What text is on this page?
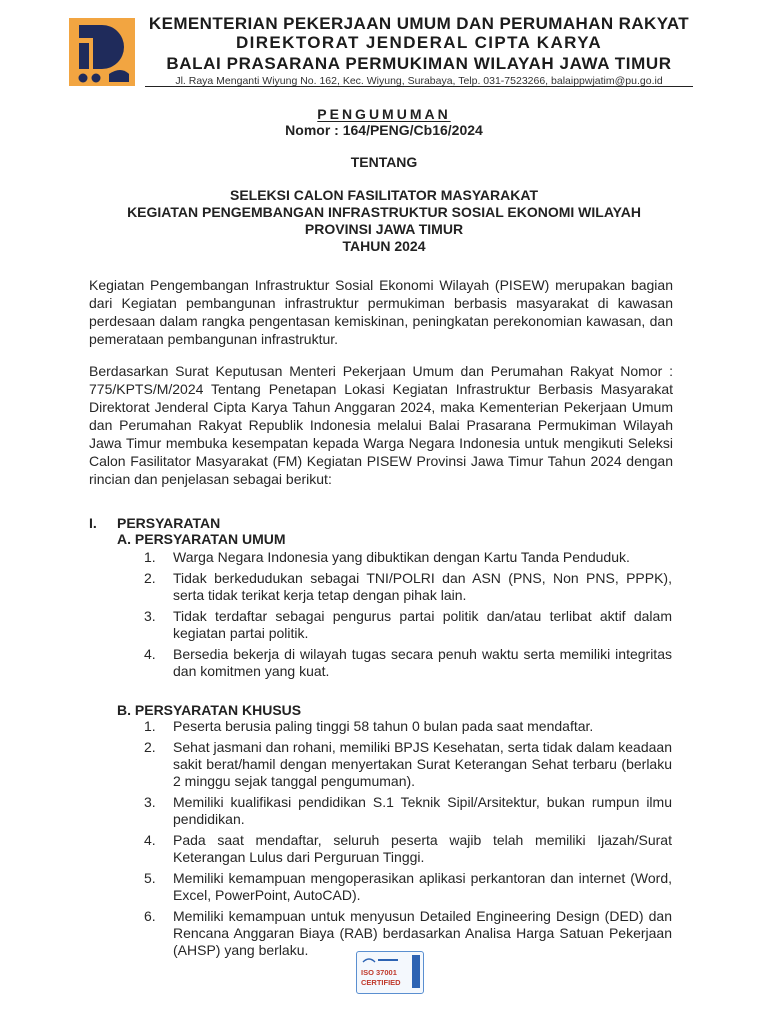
KEMENTERIAN PEKERJAAN UMUM DAN PERUMAHAN RAKYAT
DIREKTORAT JENDERAL CIPTA KARYA
BALAI PRASARANA PERMUKIMAN WILAYAH JAWA TIMUR
Jl. Raya Menganti Wiyung No. 162, Kec. Wiyung, Surabaya, Telp. 031-7523266, balaippwjatim@pu.go.id
PENGUMUMAN
Nomor : 164/PENG/Cb16/2024
TENTANG
SELEKSI CALON FASILITATOR MASYARAKAT
KEGIATAN PENGEMBANGAN INFRASTRUKTUR SOSIAL EKONOMI WILAYAH
PROVINSI JAWA TIMUR
TAHUN 2024
Kegiatan Pengembangan Infrastruktur Sosial Ekonomi Wilayah (PISEW) merupakan bagian dari Kegiatan pembangunan infrastruktur permukiman berbasis masyarakat di kawasan perdesaan dalam rangka pengentasan kemiskinan, peningkatan perekonomian kawasan, dan pemerataan pembangunan infrastruktur.
Berdasarkan Surat Keputusan Menteri Pekerjaan Umum dan Perumahan Rakyat Nomor : 775/KPTS/M/2024 Tentang Penetapan Lokasi Kegiatan Infrastruktur Berbasis Masyarakat Direktorat Jenderal Cipta Karya Tahun Anggaran 2024, maka Kementerian Pekerjaan Umum dan Perumahan Rakyat Republik Indonesia melalui Balai Prasarana Permukiman Wilayah Jawa Timur membuka kesempatan kepada Warga Negara Indonesia untuk mengikuti Seleksi Calon Fasilitator Masyarakat (FM) Kegiatan PISEW Provinsi Jawa Timur Tahun 2024 dengan rincian dan penjelasan sebagai berikut:
I. PERSYARATAN
A. PERSYARATAN UMUM
1.	Warga Negara Indonesia yang dibuktikan dengan Kartu Tanda Penduduk.
2.	Tidak berkedudukan sebagai TNI/POLRI dan ASN (PNS, Non PNS, PPPK), serta tidak terikat kerja tetap dengan pihak lain.
3.	Tidak terdaftar sebagai pengurus partai politik dan/atau terlibat aktif dalam kegiatan partai politik.
4.	Bersedia bekerja di wilayah tugas secara penuh waktu serta memiliki integritas dan komitmen yang kuat.
B. PERSYARATAN KHUSUS
1.	Peserta berusia paling tinggi 58 tahun 0 bulan pada saat mendaftar.
2.	Sehat jasmani dan rohani, memiliki BPJS Kesehatan, serta tidak dalam keadaan sakit berat/hamil dengan menyertakan Surat Keterangan Sehat terbaru (berlaku 2 minggu sejak tanggal pengumuman).
3.	Memiliki kualifikasi pendidikan S.1 Teknik Sipil/Arsitektur, bukan rumpun ilmu pendidikan.
4.	Pada saat mendaftar, seluruh peserta wajib telah memiliki Ijazah/Surat Keterangan Lulus dari Perguruan Tinggi.
5.	Memiliki kemampuan mengoperasikan aplikasi perkantoran dan internet (Word, Excel, PowerPoint, AutoCAD).
6.	Memiliki kemampuan untuk menyusun Detailed Engineering Design (DED) dan Rencana Anggaran Biaya (RAB) berdasarkan Analisa Harga Satuan Pekerjaan (AHSP) yang berlaku.
ISO 37001
CERTIFIED
